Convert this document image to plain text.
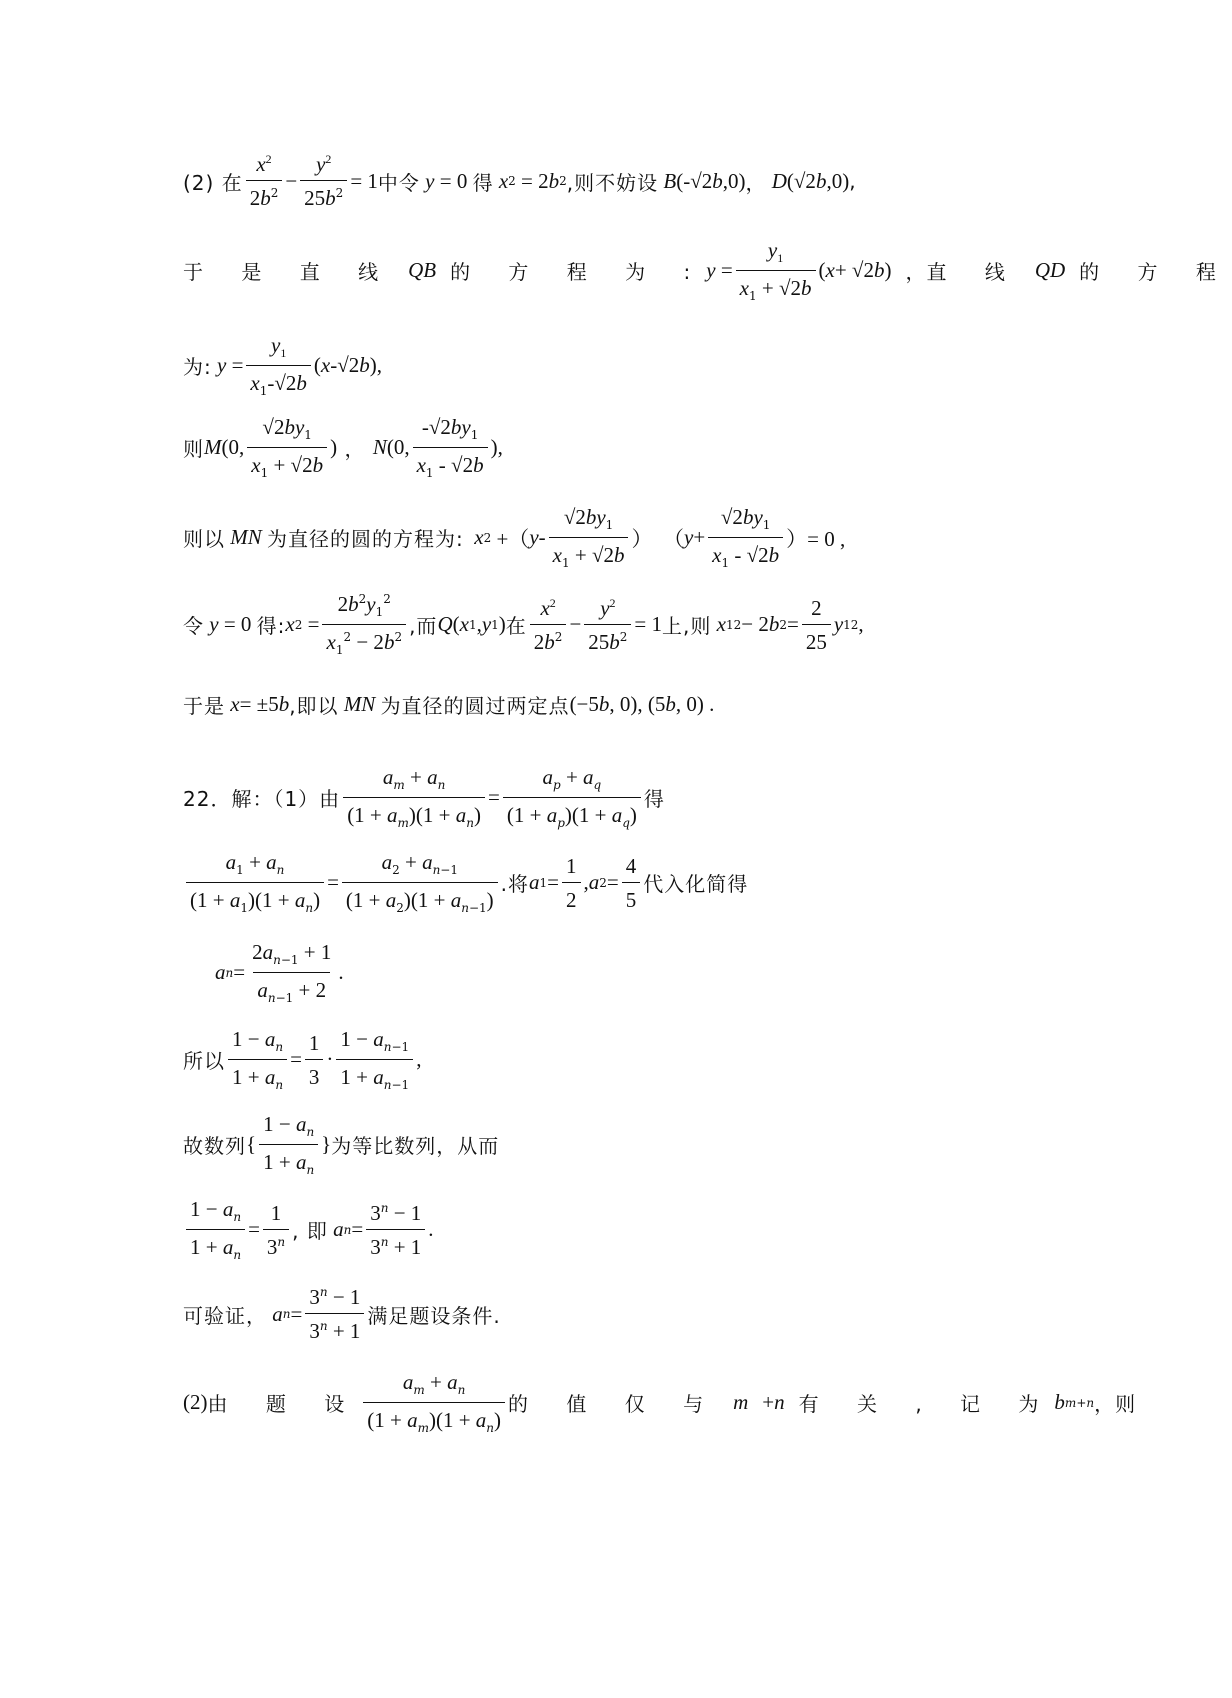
(2) 在 $\frac{x^2}{2b^2} - \frac{y^2}{25b^2} = 1$ 中令 y = 0 得 x 2 = 2 b 2 ,则不妨设 B (-√2 b ,0) ， D (√2 b ,0) ,
于 是 直 线 QB 的 方 程 为 : $y = \frac{y_1}{x_1 + √2b}$ ( x + √2 b ) ， 直 线 QD 的 方 程
为: $y = \frac{y_1}{x_1-√2b}$ ( x -√2 b ),
则 M (0, $\frac{√2by_1}{x_1 + √2b}$ ) ， N (0, $\frac{-√2by_1}{x_1 - √2b}$ ),
则以 MN 为直径的圆的方程为: x 2 +（ y - $\frac{√2by_1}{x_1 + √2b}$ ）  （ $y + \frac{√2by_1}{x_1 - √2b}$ ）= 0 ,
令 y = 0 得: x $2 = \frac{2b^2y_1^2}{x_1^2 - 2b^2}$ ,而 Q ( x 1 , y 1 ) 在 $\frac{x^2}{2b^2} - \frac{y^2}{25b^2} = 1$ 上,则 x 1 2 − 2 b $2 = \frac{2}{25}$ y 1 2 ,
于是 x = ±5 b ,即以 MN 为直径的圆过两定点 (−5 b , 0), (5 b , 0) .
22．解：（1）由 $\frac{a_m + a_n}{(1 + a_m)(1 + a_n)} = \frac{a_p + a_q}{(1 + a_p)(1 + a_q)}$ 得
$\frac{a_1 + a_n}{(1 + a_1)(1 + a_n)} = \frac{a_2 + a_{n-1}}{(1 + a_2)(1 + a_{n-1})}$ .将 a $1 = \frac{1}{2}$ , a $2 = \frac{4}{5}$ 代入化简得
a $n = \frac{2a_{n-1} + 1}{a_{n-1} + 2}$ .
所以 $\frac{1 - a_n}{1 + a_n} = \frac{1}{3} \cdot \frac{1 - a_{n-1}}{1 + a_{n-1}}$ ,
故数列 { $\frac{1 - a_n}{1 + a_n}$ } 为等比数列，从而
$\frac{1 - a_n}{1 + a_n} = \frac{1}{3^n}$ , 即 a $n = \frac{3^n - 1}{3^n + 1}$ .
可验证， a $n = \frac{3^n - 1}{3^n + 1}$ 满足题设条件.
(2) 由 题 设 $\frac{a_m + a_n}{(1 + a_m)(1 + a_n)}$ 的 值 仅 与 m + n 有 关 , 记 为 b m+n ， 则
